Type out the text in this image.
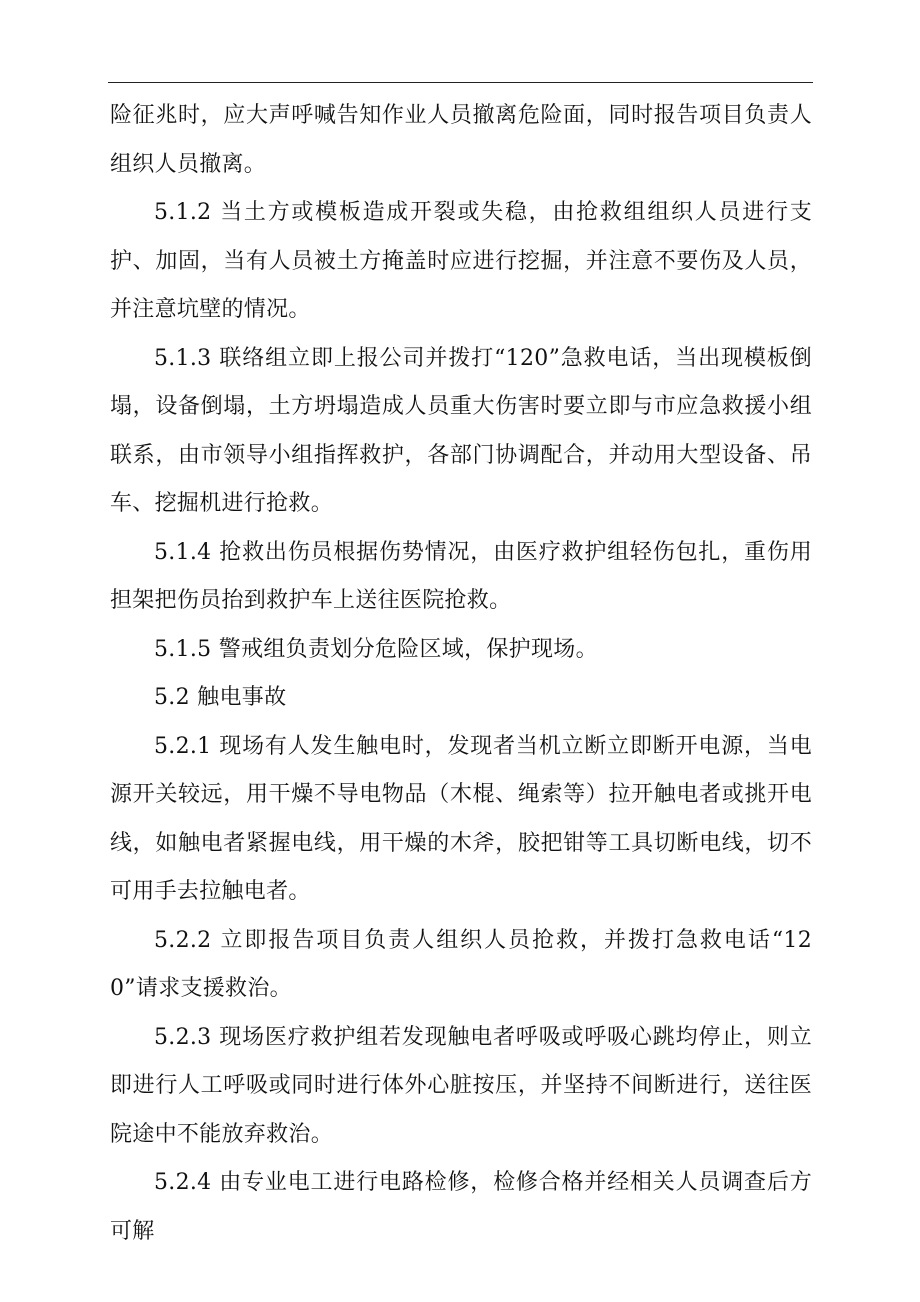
险征兆时，应大声呼喊告知作业人员撤离危险面，同时报告项目负责人组织人员撤离。

5.1.2 当土方或模板造成开裂或失稳，由抢救组组织人员进行支护、加固，当有人员被土方掩盖时应进行挖掘，并注意不要伤及人员，并注意坑壁的情况。

5.1.3 联络组立即上报公司并拨打“120”急救电话，当出现模板倒塌，设备倒塌，土方坍塌造成人员重大伤害时要立即与市应急救援小组联系，由市领导小组指挥救护，各部门协调配合，并动用大型设备、吊车、挖掘机进行抢救。

5.1.4 抢救出伤员根据伤势情况，由医疗救护组轻伤包扎，重伤用担架把伤员抬到救护车上送往医院抢救。

5.1.5 警戒组负责划分危险区域，保护现场。

5.2 触电事故

5.2.1 现场有人发生触电时，发现者当机立断立即断开电源，当电源开关较远，用干燥不导电物品（木棍、绳索等）拉开触电者或挑开电线，如触电者紧握电线，用干燥的木斧，胶把钳等工具切断电线，切不可用手去拉触电者。

5.2.2 立即报告项目负责人组织人员抢救，并拨打急救电话“120”请求支援救治。

5.2.3 现场医疗救护组若发现触电者呼吸或呼吸心跳均停止，则立即进行人工呼吸或同时进行体外心脏按压，并坚持不间断进行，送往医院途中不能放弃救治。

5.2.4 由专业电工进行电路检修，检修合格并经相关人员调查后方可解
